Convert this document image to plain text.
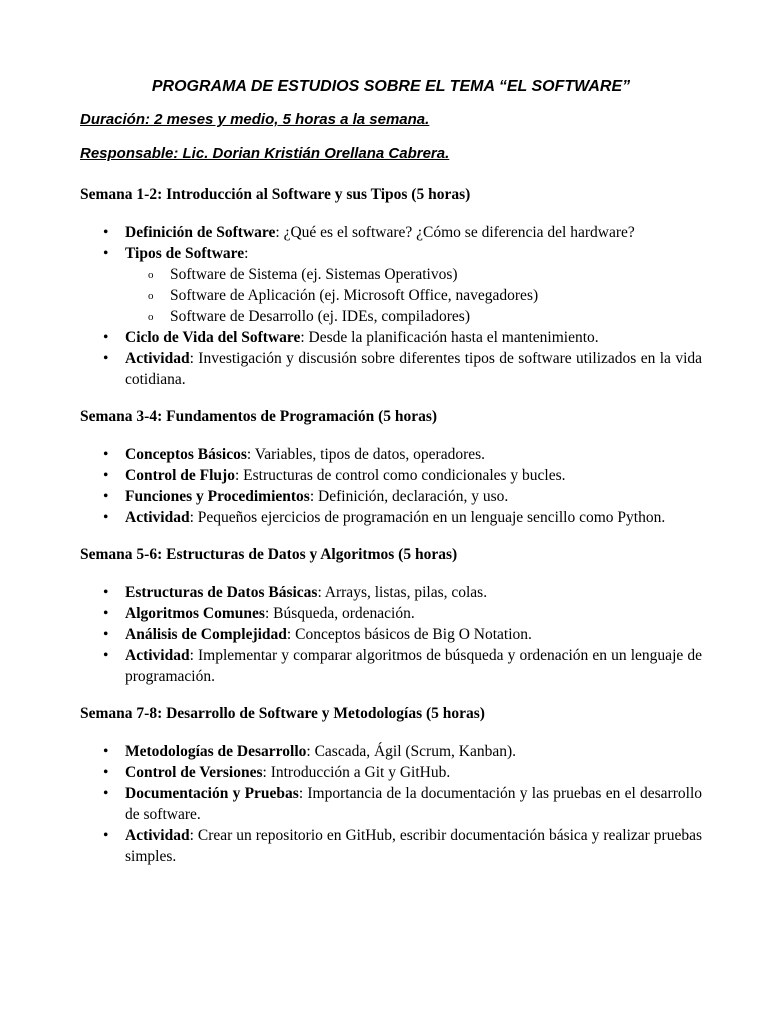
PROGRAMA DE ESTUDIOS SOBRE EL TEMA “EL SOFTWARE”
Duración: 2 meses y medio, 5 horas a la semana.
Responsable: Lic. Dorian Kristián Orellana Cabrera.
Semana 1-2: Introducción al Software y sus Tipos (5 horas)
• Definición de Software: ¿Qué es el software? ¿Cómo se diferencia del hardware?
• Tipos de Software:
o Software de Sistema (ej. Sistemas Operativos)
o Software de Aplicación (ej. Microsoft Office, navegadores)
o Software de Desarrollo (ej. IDEs, compiladores)
• Ciclo de Vida del Software: Desde la planificación hasta el mantenimiento.
• Actividad: Investigación y discusión sobre diferentes tipos de software utilizados en la vida cotidiana.
Semana 3-4: Fundamentos de Programación (5 horas)
• Conceptos Básicos: Variables, tipos de datos, operadores.
• Control de Flujo: Estructuras de control como condicionales y bucles.
• Funciones y Procedimientos: Definición, declaración, y uso.
• Actividad: Pequeños ejercicios de programación en un lenguaje sencillo como Python.
Semana 5-6: Estructuras de Datos y Algoritmos (5 horas)
• Estructuras de Datos Básicas: Arrays, listas, pilas, colas.
• Algoritmos Comunes: Búsqueda, ordenación.
• Análisis de Complejidad: Conceptos básicos de Big O Notation.
• Actividad: Implementar y comparar algoritmos de búsqueda y ordenación en un lenguaje de programación.
Semana 7-8: Desarrollo de Software y Metodologías (5 horas)
• Metodologías de Desarrollo: Cascada, Ágil (Scrum, Kanban).
• Control de Versiones: Introducción a Git y GitHub.
• Documentación y Pruebas: Importancia de la documentación y las pruebas en el desarrollo de software.
• Actividad: Crear un repositorio en GitHub, escribir documentación básica y realizar pruebas simples.
